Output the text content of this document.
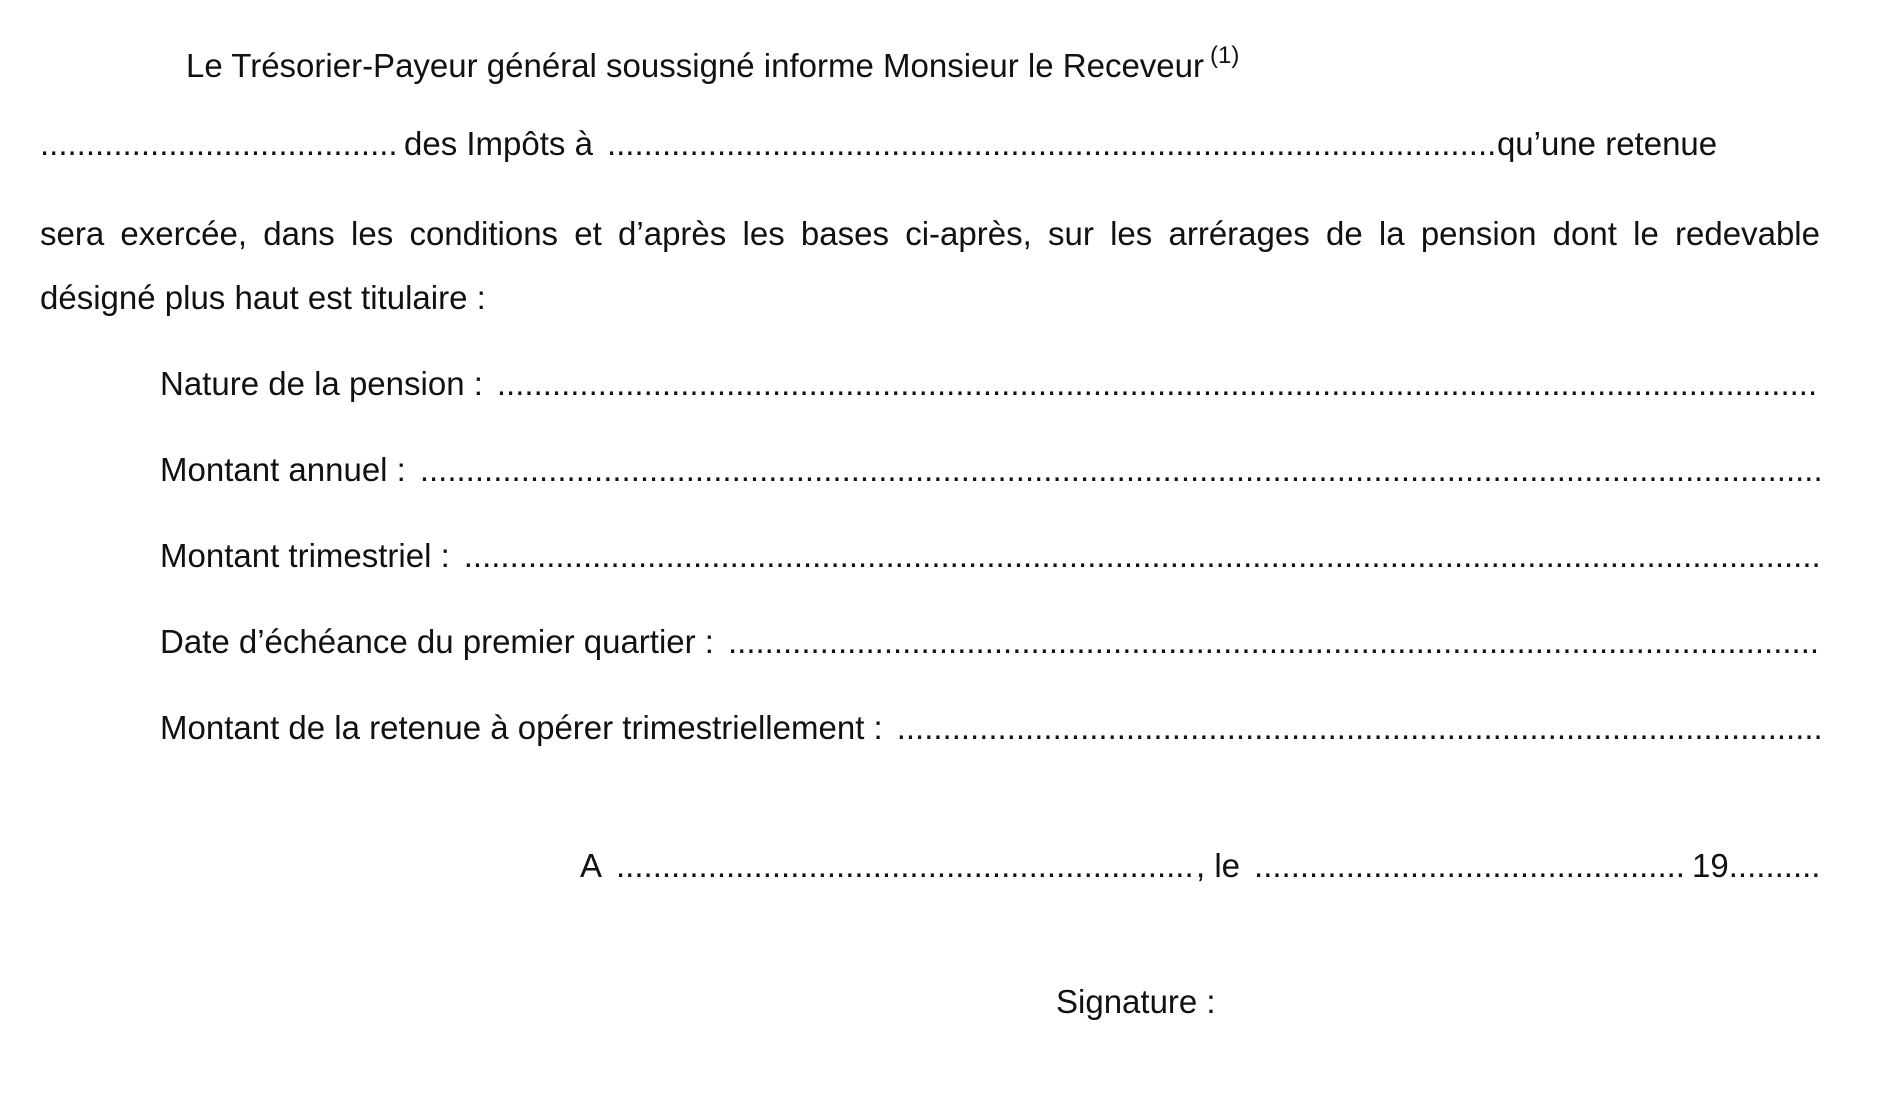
Le Trésorier-Payeur général soussigné informe Monsieur le Receveur $^{(1)}$
.....des Impôts à .....	qu’une retenue
sera exercée, dans les conditions et d’après les bases ci-après, sur les arrérages de la pension dont le redevable
désigné plus haut est titulaire :
Nature de la pension :
.....
Montant annuel :
.....
Montant trimestriel :
.....
Date d’échéance du premier quartier :
.....
Montant de la retenue à opérer trimestriellement :
.....
A .....	, le .....	19.....
Signature :
